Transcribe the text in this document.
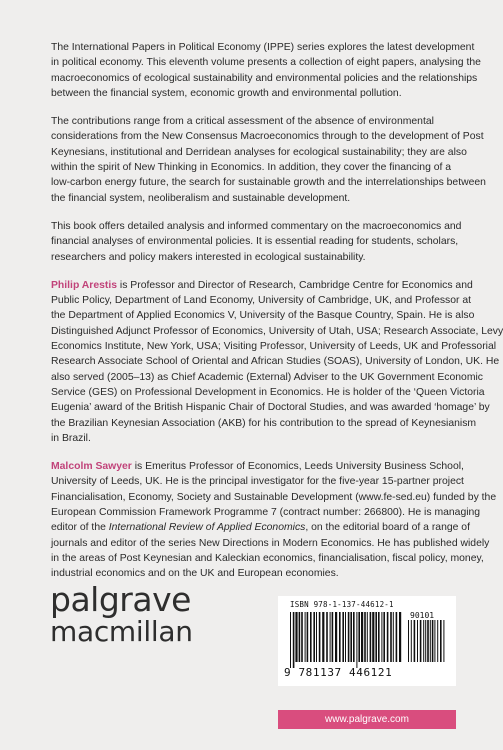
The International Papers in Political Economy (IPPE) series explores the latest development
in political economy. This eleventh volume presents a collection of eight papers, analysing the
macroeconomics of ecological sustainability and environmental policies and the relationships
between the financial system, economic growth and environmental pollution.
The contributions range from a critical assessment of the absence of environmental
considerations from the New Consensus Macroeconomics through to the development of Post
Keynesians, institutional and Derridean analyses for ecological sustainability; they are also
within the spirit of New Thinking in Economics. In addition, they cover the financing of a
low-carbon energy future, the search for sustainable growth and the interrelationships between
the financial system, neoliberalism and sustainable development.
This book offers detailed analysis and informed commentary on the macroeconomics and
financial analyses of environmental policies. It is essential reading for students, scholars,
researchers and policy makers interested in ecological sustainability.
Philip Arestis is Professor and Director of Research, Cambridge Centre for Economics and
Public Policy, Department of Land Economy, University of Cambridge, UK, and Professor at
the Department of Applied Economics V, University of the Basque Country, Spain. He is also
Distinguished Adjunct Professor of Economics, University of Utah, USA; Research Associate, Levy
Economics Institute, New York, USA; Visiting Professor, University of Leeds, UK and Professorial
Research Associate School of Oriental and African Studies (SOAS), University of London, UK. He
also served (2005–13) as Chief Academic (External) Adviser to the UK Government Economic
Service (GES) on Professional Development in Economics. He is holder of the ‘Queen Victoria
Eugenia’ award of the British Hispanic Chair of Doctoral Studies, and was awarded ‘homage’ by
the Brazilian Keynesian Association (AKB) for his contribution to the spread of Keynesianism
in Brazil.
Malcolm Sawyer is Emeritus Professor of Economics, Leeds University Business School,
University of Leeds, UK. He is the principal investigator for the five-year 15-partner project
Financialisation, Economy, Society and Sustainable Development (www.fe-sed.eu) funded by the
European Commission Framework Programme 7 (contract number: 266800). He is managing
editor of the International Review of Applied Economics, on the editorial board of a range of
journals and editor of the series New Directions in Modern Economics. He has published widely
in the areas of Post Keynesian and Kaleckian economics, financialisation, fiscal policy, money,
industrial economics and on the UK and European economies.
palgrave
macmillan
ISBN 978-1-137-44612-1
90101
9 781137 446121
www.palgrave.com
